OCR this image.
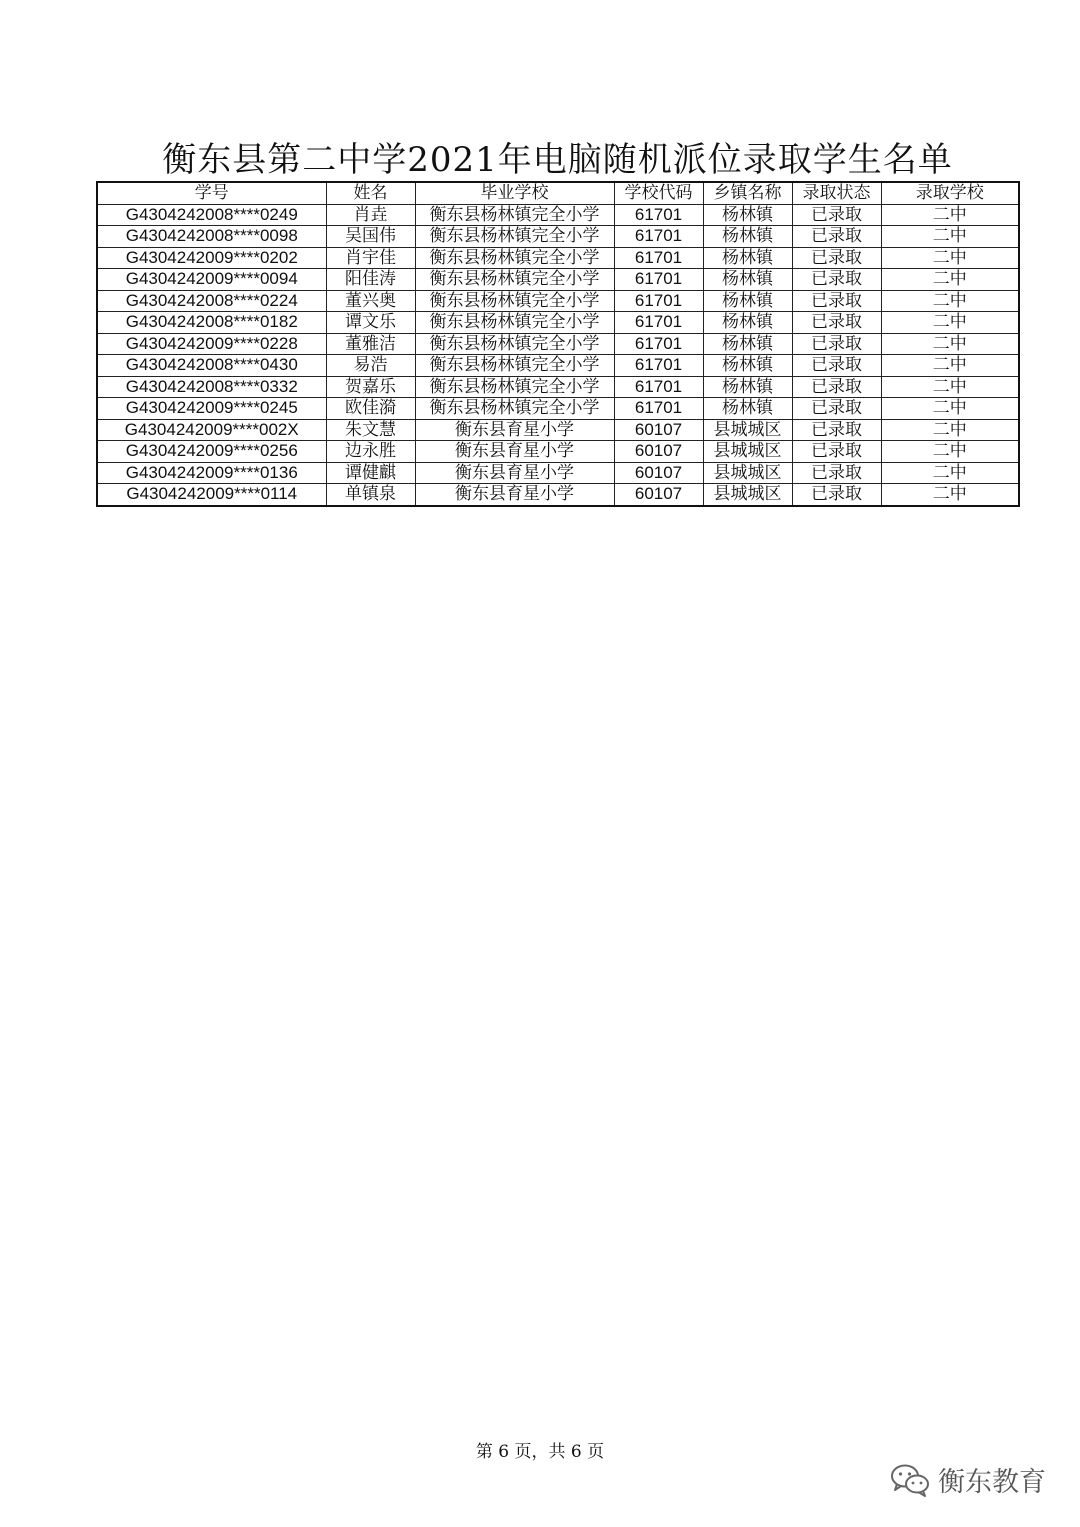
衡东县第二中学2021年电脑随机派位录取学生名单
学号	姓名	毕业学校	学校代码	乡镇名称	录取状态	录取学校
G4304242008****0249	肖垚	衡东县杨林镇完全小学	61701	杨林镇	已录取	二中
G4304242008****0098	吴国伟	衡东县杨林镇完全小学	61701	杨林镇	已录取	二中
G4304242009****0202	肖宇佳	衡东县杨林镇完全小学	61701	杨林镇	已录取	二中
G4304242009****0094	阳佳涛	衡东县杨林镇完全小学	61701	杨林镇	已录取	二中
G4304242008****0224	董兴奥	衡东县杨林镇完全小学	61701	杨林镇	已录取	二中
G4304242008****0182	谭文乐	衡东县杨林镇完全小学	61701	杨林镇	已录取	二中
G4304242009****0228	董雅洁	衡东县杨林镇完全小学	61701	杨林镇	已录取	二中
G4304242008****0430	易浩	衡东县杨林镇完全小学	61701	杨林镇	已录取	二中
G4304242008****0332	贺嘉乐	衡东县杨林镇完全小学	61701	杨林镇	已录取	二中
G4304242009****0245	欧佳漪	衡东县杨林镇完全小学	61701	杨林镇	已录取	二中
G4304242009****002X	朱文慧	衡东县育星小学	60107	县城城区	已录取	二中
G4304242009****0256	边永胜	衡东县育星小学	60107	县城城区	已录取	二中
G4304242009****0136	谭健麒	衡东县育星小学	60107	县城城区	已录取	二中
G4304242009****0114	单镇泉	衡东县育星小学	60107	县城城区	已录取	二中
第 6 页，共 6 页
衡东教育
